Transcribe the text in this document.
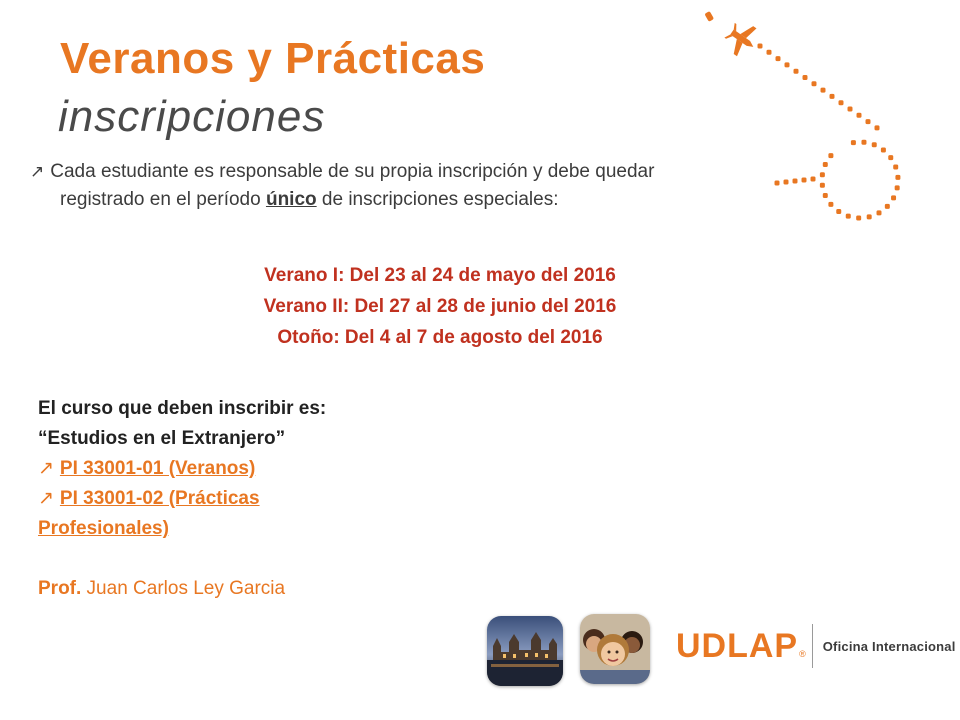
Veranos y Prácticas
inscripciones
↗ Cada estudiante es responsable de su propia inscripción y debe quedar
registrado en el período único de inscripciones especiales:
Verano I: Del 23 al 24 de mayo del 2016
Verano II: Del 27 al 28 de junio del 2016
Otoño: Del 4 al 7 de agosto del 2016
El curso que deben inscribir es:
“Estudios en el Extranjero”
↗ PI 33001-01 (Veranos)
↗ PI 33001-02 (Prácticas
Profesionales)
Prof. Juan Carlos Ley Garcia
UDLAP ®
Oficina Internacional
